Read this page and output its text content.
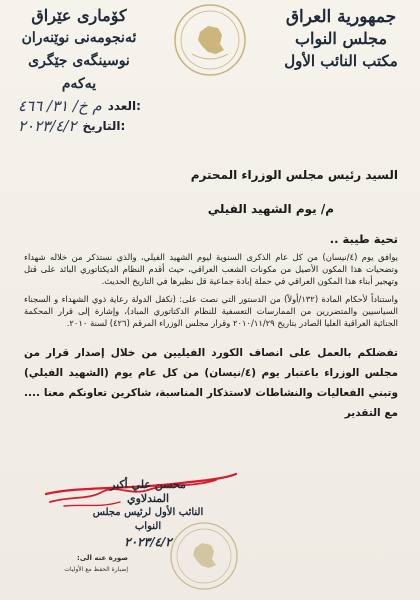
جمهورية العراق
مجلس النواب
مكتب النائب الأول
كۆماری عێراق
ئەنجومەنی نوێنەران
نوسینگەی جێگری یەکەم
م خ/ ٣١/ ٤٦٦ العدد:
٢٠٢٣/٤/٢ التاريخ:
السيد رئيس مجلس الوزراء المحترم
م/ يوم الشهيد الفيلي
تحية طيبة ..

يوافق يوم (٤/نيسان) من كل عام الذكرى السنوية ليوم الشهيد الفيلي، والذي نستذكر من خلاله شهداء وتضحيات هذا المكون الأصيل من مكونات الشعب العراقي، حيث أقدم النظام الديكتاتوري البائد على قتل وتهجير أبناء هذا المكون العراقي في حملة إبادة جماعية قل نظيرها في التاريخ الحديث.

واستناداً لأحكام المادة (١٣٢/أولاً) من الدستور التي نصت على: (تكفل الدولة رعاية ذوي الشهداء و السجناء السياسيين والمتضررين من الممارسات التعسفية للنظام الدكتاتوري المباد)، وإشارة إلى قرار المحكمة الجنائية العراقية العليا الصادر بتاريخ ٢٠١٠/١١/٢٩ وقرار مجلس الوزراء المرقم (٤٢٦) لسنة ٢٠١٠.

تفضلكم بالعمل على انصاف الكورد الفيليين من خلال إصدار قرار من مجلس الوزراء باعتبار يوم (٤/نيسان) من كل عام يوم (الشهيد الفيلي) وتبني الفعاليات والنشاطات لاستذكار المناسبة، شاكرين تعاونكم معنا .... مع التقدير

محسن علي أكبر المندلاوي
النائب الأول لرئيس مجلس النواب
٢٠٢٣/٤/٢
صورة عنه الى:
إضبارة الحفظ مع الأوليات
